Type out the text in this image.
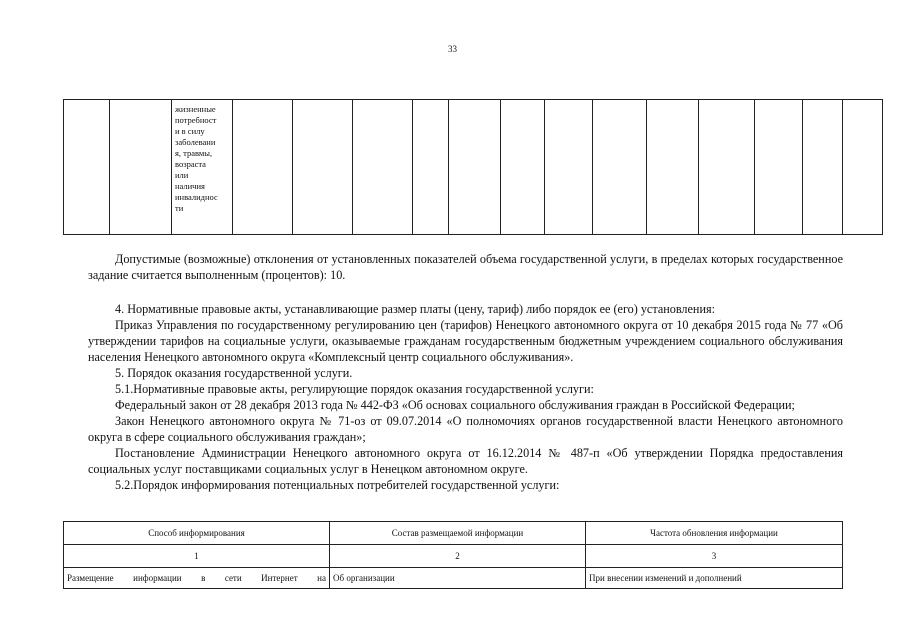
33

жизненные
потребност
и в силу
заболевани
я, травмы,
возраста
или
наличия
инвалиднос
ти

Допустимые (возможные) отклонения от установленных показателей объема государственной услуги, в пределах которых государственное задание считается выполненным (процентов): 10.

4. Нормативные правовые акты, устанавливающие размер платы (цену, тариф) либо порядок ее (его) установления:

Приказ Управления по государственному регулированию цен (тарифов) Ненецкого автономного округа от 10 декабря 2015 года № 77 «Об утверждении тарифов на социальные услуги, оказываемые гражданам государственным бюджетным учреждением социального обслуживания населения Ненецкого автономного округа «Комплексный центр социального обслуживания».

5. Порядок оказания государственной услуги.

5.1.Нормативные правовые акты, регулирующие порядок оказания государственной услуги:

Федеральный закон от 28 декабря 2013 года № 442-ФЗ «Об основах социального обслуживания граждан в Российской Федерации;

Закон Ненецкого автономного округа № 71-оз от 09.07.2014 «О полномочиях органов государственной власти Ненецкого автономного округа в сфере социального обслуживания граждан»;

Постановление Администрации Ненецкого автономного округа от 16.12.2014 № 487-п «Об утверждении Порядка предоставления социальных услуг поставщиками социальных услуг в Ненецком автономном округе.

5.2.Порядок информирования потенциальных потребителей государственной услуги:

Способ информирования	Состав размещаемой информации	Частота обновления информации
1	2	3
Размещение информации в сети Интернет на	Об организации	При внесении изменений и дополнений
